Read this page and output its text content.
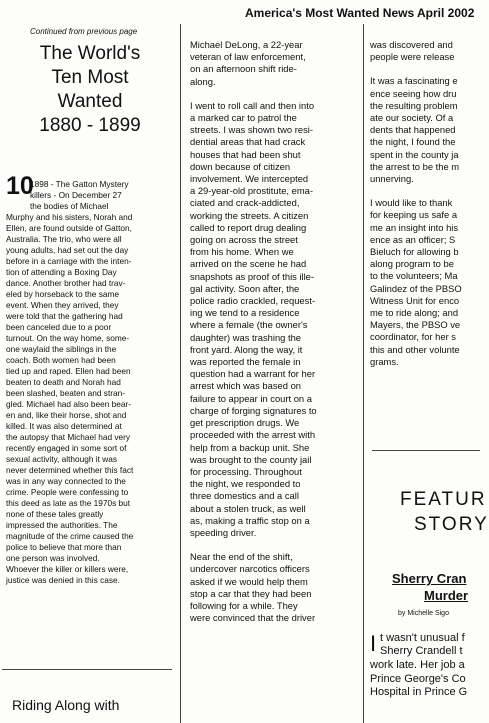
America's Most Wanted News April 2002
Continued from previous page
The World's
Ten Most
Wanted
1880 - 1899
10

1898 - The Gatton Mystery

killers - On December 27

the bodies of Michael

Murphy and his sisters, Norah and

Ellen, are found outside of Gatton,

Australia. The trio, who were all

young adults, had set out the day

before in a carriage with the inten-

tion of attending a Boxing Day

dance. Another brother had trav-

eled by horseback to the same

event. When they arrived, they

were told that the gathering had

been canceled due to a poor

turnout. On the way home, some-

one waylaid the siblings in the

coach. Both women had been

tied up and raped. Ellen had been

beaten to death and Norah had

been slashed, beaten and stran-

gled. Michael had also been bear-

en and, like their horse, shot and

killed. It was also determined at

the autopsy that Michael had very

recently engaged in some sort of

sexual activity, although it was

never determined whether this fact

was in any way connected to the

crime. People were confessing to

this deed as late as the 1970s but

none of these tales greatly

impressed the authorities. The

magnitude of the crime caused the

police to believe that more than

one person was involved.

Whoever the killer or killers were,

justice was denied in this case.

Riding Along with

Michael DeLong, a 22-year
veteran of law enforcement,
on an afternoon shift ride-
along.

I went to roll call and then into
a marked car to patrol the
streets. I was shown two resi-
dential areas that had crack
houses that had been shut
down because of citizen
involvement. We intercepted
a 29-year-old prostitute, ema-
ciated and crack-addicted,
working the streets. A citizen
called to report drug dealing
going on across the street
from his home. When we
arrived on the scene he had
snapshots as proof of this ille-
gal activity. Soon after, the
police radio crackled, request-
ing we tend to a residence
where a female (the owner's
daughter) was trashing the
front yard. Along the way, it
was reported the female in
question had a warrant for her
arrest which was based on
failure to appear in court on a
charge of forging signatures to
get prescription drugs. We
proceeded with the arrest with
help from a backup unit. She
was brought to the county jail
for processing. Throughout
the night, we responded to
three domestics and a call
about a stolen truck, as well
as, making a traffic stop on a
speeding driver.

Near the end of the shift,
undercover narcotics officers
asked if we would help them
stop a car that they had been
following for a while. They
were convinced that the driver

was discovered and
people were release
It was a fascinating e
ence seeing how dru
the resulting problem
ate our society. Of a
dents that happened
the night, I found the
spent in the county ja
the arrest to be the m
unnerving.
I would like to thank
for keeping us safe a
me an insight into his
ence as an officer; S
Bieluch for allowing b
along program to be
to the volunteers; Ma
Galindez of the PBSO
Witness Unit for enco
me to ride along; and
Mayers, the PBSO ve
coordinator, for her s
this and other volunte
grams.
FEATUR
STORY
Sherry Cran
Murder
by Michelle Sigo
I t wasn't unusual f
Sherry Crandell t
work late. Her job a
Prince George's Co
Hospital in Prince G
